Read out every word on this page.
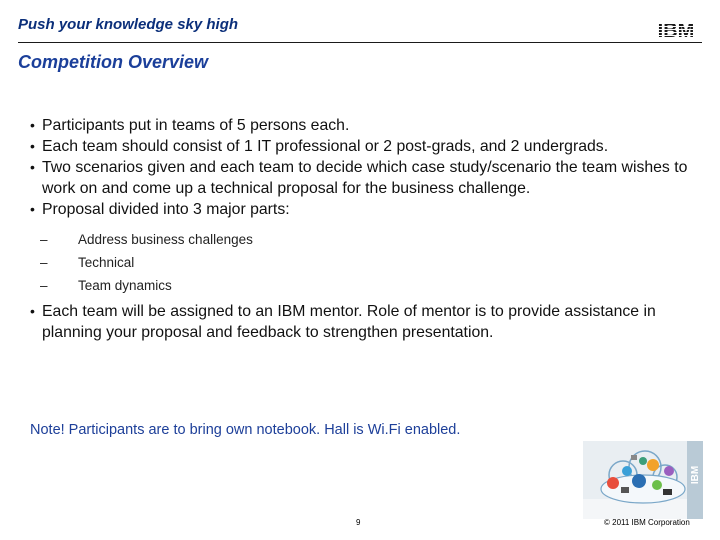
Push your knowledge sky high	IBM
Competition Overview
• Participants put in teams of 5 persons each.
• Each team should consist of 1 IT professional or 2 post-grads, and 2 undergrads.
• Two scenarios given and each team to decide which case study/scenario the team wishes to work on and come up a technical proposal for the business challenge.
• Proposal divided into 3 major parts:
– Address business challenges
– Technical
– Team dynamics
• Each team will be assigned to an IBM mentor. Role of mentor is to provide assistance in planning your proposal and feedback to strengthen presentation.
Note! Participants are to bring own notebook. Hall is Wi.Fi enabled.
IBM
9	© 2011 IBM Corporation
